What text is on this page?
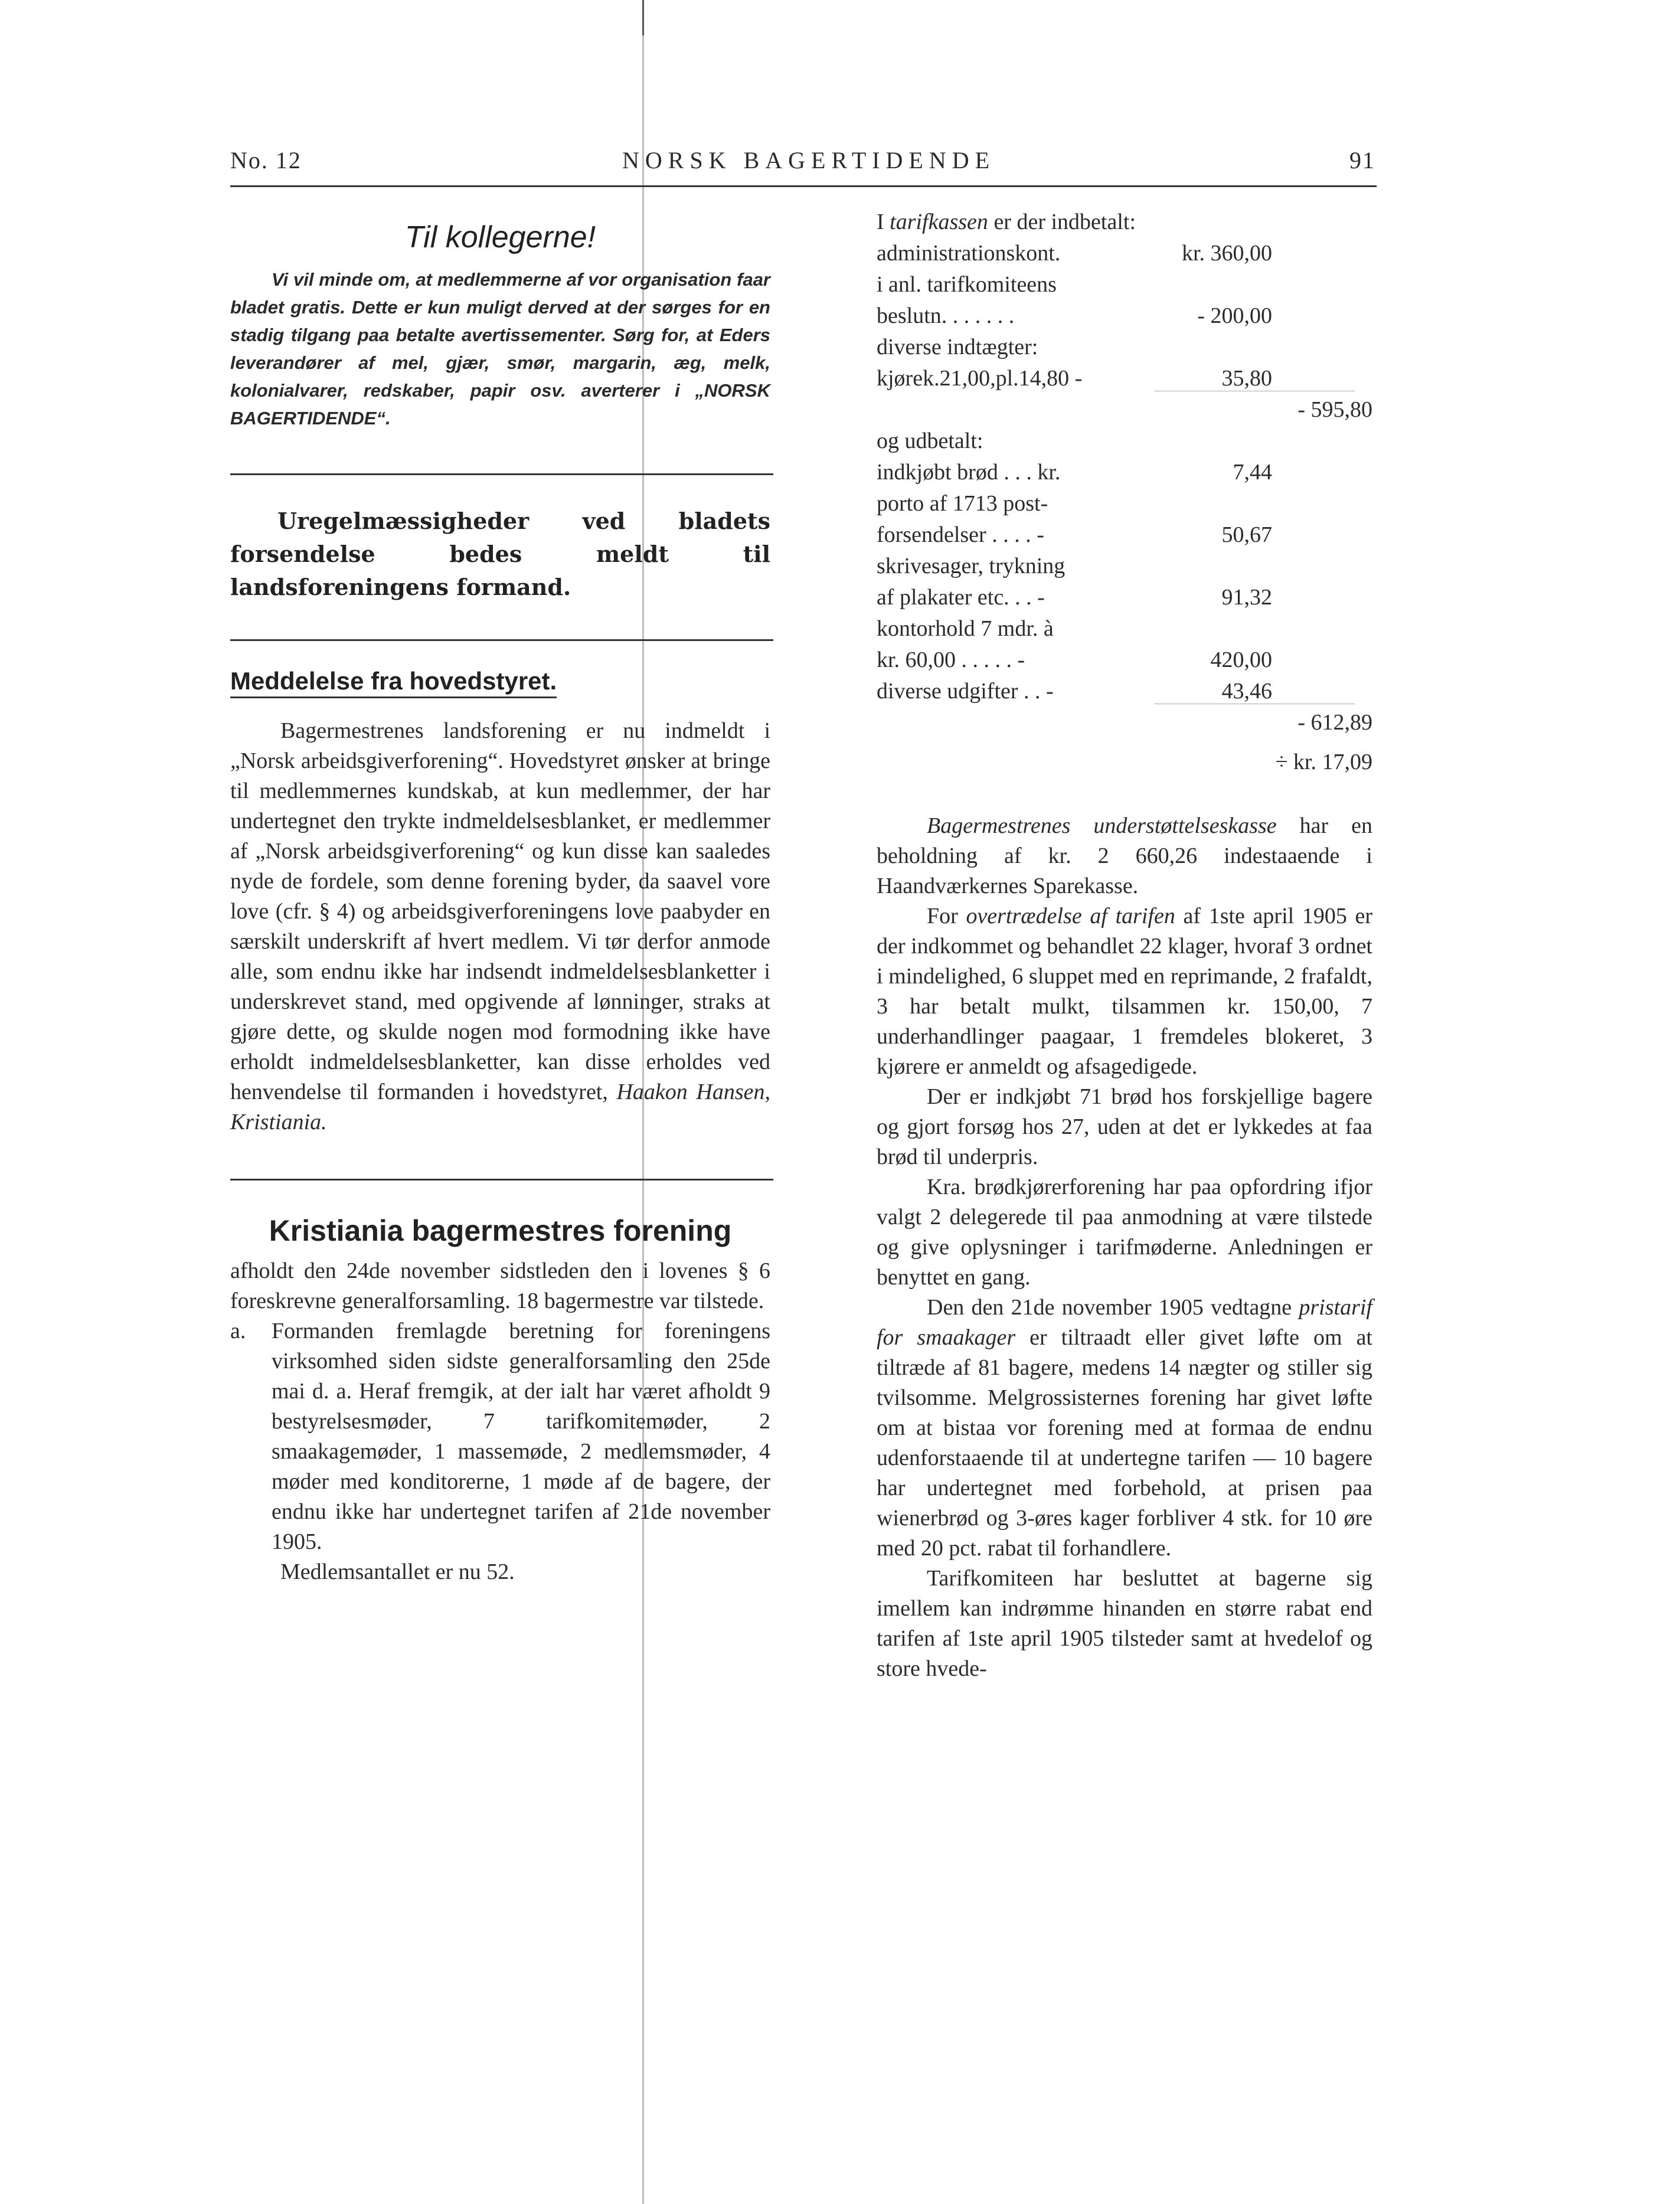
No. 12	NORSK BAGERTIDENDE	91
Til kollegerne!

Vi vil minde om, at medlemmerne af vor organisation faar bladet gratis. Dette er kun muligt derved at der sørges for en stadig tilgang paa betalte avertissementer. Sørg for, at Eders leverandører af mel, gjær, smør, margarin, æg, melk, kolonialvarer, redskaber, papir osv. averterer i „NORSK BAGERTIDENDE“.

Uregelmæssigheder ved bladets forsendelse bedes meldt til landsforeningens formand.

Meddelelse fra hovedstyret.

Bagermestrenes landsforening er nu indmeldt i „Norsk arbeidsgiverforening“. Hovedstyret ønsker at bringe til medlemmernes kundskab, at kun medlemmer, der har undertegnet den trykte indmeldelsesblanket, er medlemmer af „Norsk arbeidsgiverforening“ og kun disse kan saaledes nyde de fordele, som denne forening byder, da saavel vore love (cfr. § 4) og arbeidsgiverforeningens love paabyder en særskilt underskrift af hvert medlem. Vi tør derfor anmode alle, som endnu ikke har indsendt indmeldelsesblanketter i underskrevet stand, med opgivende af lønninger, straks at gjøre dette, og skulde nogen mod formodning ikke have erholdt indmeldelsesblanketter, kan disse erholdes ved henvendelse til formanden i hovedstyret, Haakon Hansen, Kristiania.

Kristiania bagermestres forening

afholdt den 24de november sidstleden den i lovenes § 6 foreskrevne generalforsamling. 18 bagermestre var tilstede.

a.	Formanden fremlagde beretning for foreningens virksomhed siden sidste generalforsamling den 25de mai d. a. Heraf fremgik, at der ialt har været afholdt 9 bestyrelsesmøder, 7 tarifkomitemøder, 2 smaakagemøder, 1 massemøde, 2 medlemsmøder, 4 møder med konditorerne, 1 møde af de bagere, der endnu ikke har undertegnet tarifen af 21de november 1905.

Medlemsantallet er nu 52.

I tarifkassen er der indbetalt:
administrationskont.	kr. 360,00
i anl. tarifkomiteens
beslutn. . . . . . .	- 200,00
diverse indtægter:
kjørek.21,00,pl.14,80 -	35,80
- 595,80
og udbetalt:
indkjøbt brød . . . kr.	7,44
porto af 1713 post-
forsendelser . . . . -	50,67
skrivesager, trykning
af plakater etc. . . -	91,32
kontorhold 7 mdr. à
kr. 60,00 . . . . . -	420,00
diverse udgifter . . -	43,46
- 612,89
÷ kr. 17,09

Bagermestrenes understøttelseskasse har en beholdning af kr. 2 660,26 indestaaende i Haandværkernes Sparekasse.

For overtrædelse af tarifen af 1ste april 1905 er der indkommet og behandlet 22 klager, hvoraf 3 ordnet i mindelighed, 6 sluppet med en reprimande, 2 frafaldt, 3 har betalt mulkt, tilsammen kr. 150,00, 7 underhandlinger paagaar, 1 fremdeles blokeret, 3 kjørere er anmeldt og afsagedigede.

Der er indkjøbt 71 brød hos forskjellige bagere og gjort forsøg hos 27, uden at det er lykkedes at faa brød til underpris.

Kra. brødkjørerforening har paa opfordring ifjor valgt 2 delegerede til paa anmodning at være tilstede og give oplysninger i tarifmøderne. Anledningen er benyttet en gang.

Den den 21de november 1905 vedtagne pristarif for smaakager er tiltraadt eller givet løfte om at tiltræde af 81 bagere, medens 14 nægter og stiller sig tvilsomme. Melgrossisternes forening har givet løfte om at bistaa vor forening med at formaa de endnu udenforstaaende til at undertegne tarifen — 10 bagere har undertegnet med forbehold, at prisen paa wienerbrød og 3-øres kager forbliver 4 stk. for 10 øre med 20 pct. rabat til forhandlere.

Tarifkomiteen har besluttet at bagerne sig imellem kan indrømme hinanden en større rabat end tarifen af 1ste april 1905 tilsteder samt at hvedelof og store hvede-
